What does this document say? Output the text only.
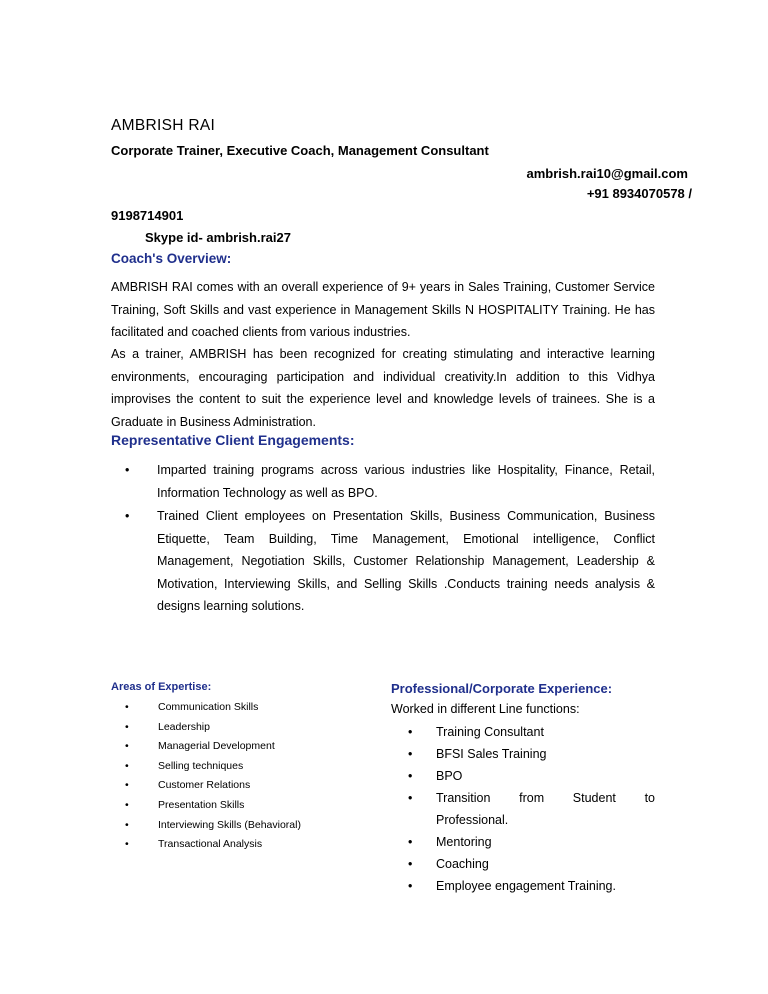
AMBRISH RAI
Corporate Trainer, Executive Coach, Management Consultant
ambrish.rai10@gmail.com
+91 8934070578 /
9198714901
Skype id- ambrish.rai27
Coach's Overview:
AMBRISH RAI comes with an overall experience of 9+ years in Sales Training, Customer Service Training, Soft Skills and vast experience in Management Skills N HOSPITALITY Training. He has facilitated and coached clients from various industries.
As a trainer, AMBRISH has been recognized for creating stimulating and interactive learning environments, encouraging participation and individual creativity.In addition to this Vidhya improvises the content to suit the experience level and knowledge levels of trainees. She is a Graduate in Business Administration.
Representative Client Engagements:
• Imparted training programs across various industries like Hospitality, Finance, Retail, Information Technology as well as BPO.
• Trained Client employees on Presentation Skills, Business Communication, Business Etiquette, Team Building, Time Management, Emotional intelligence, Conflict Management, Negotiation Skills, Customer Relationship Management, Leadership & Motivation, Interviewing Skills, and Selling Skills .Conducts training needs analysis & designs learning solutions.
Areas of Expertise:
•	Communication Skills
•	Leadership
•	Managerial Development
•	Selling techniques
•	Customer Relations
•	Presentation Skills
•	Interviewing Skills (Behavioral)
•	Transactional Analysis
Professional/Corporate Experience:
Worked in different Line functions:
• Training Consultant
• BFSI Sales Training
• BPO
• Transition from Student to Professional.
• Mentoring
• Coaching
• Employee engagement Training.
